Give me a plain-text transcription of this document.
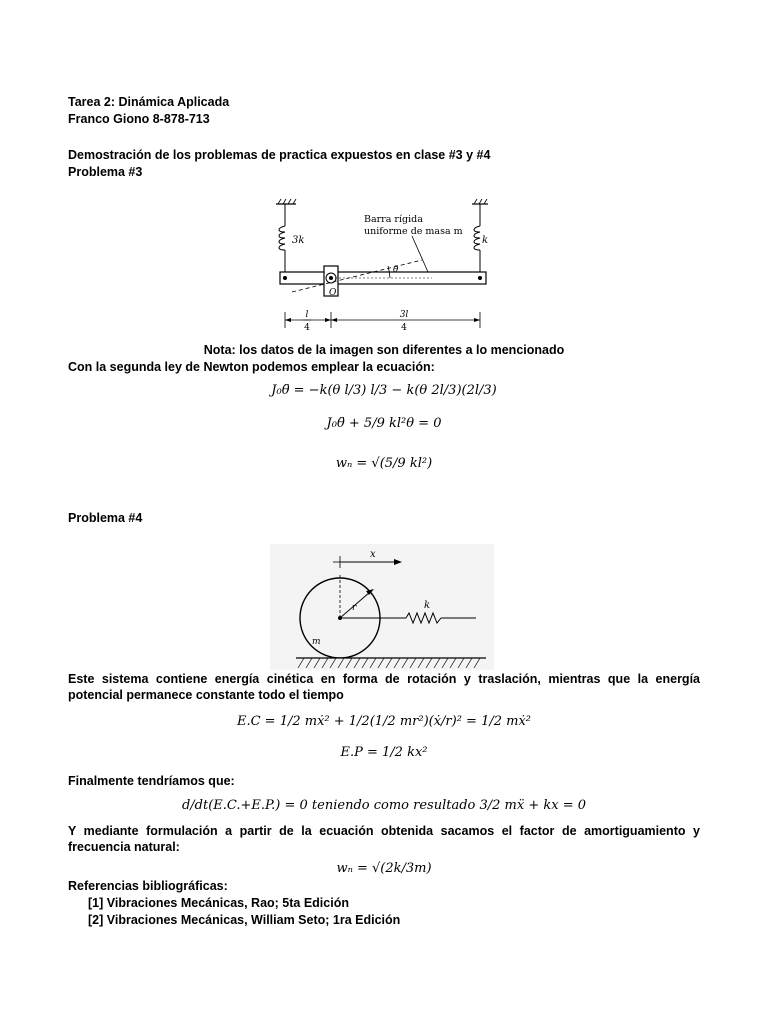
Tarea 2: Dinámica Aplicada
Franco Giono 8-878-713
Demostración de los problemas de practica expuestos en clase #3 y #4
Problema #3
Barra rígida
uniforme de masa m
3k	k
O
θ
l
4
3l
4
Nota: los datos de la imagen son diferentes a lo mencionado
Con la segunda ley de Newton podemos emplear la ecuación:
J₀θ̈ = −k(θ l/3) l/3 − k(θ 2l/3)(2l/3)
J₀θ̈ + 5/9 kl²θ = 0
wₙ = √(5/9 kl²)
Problema #4
x
r
m
k
Este sistema contiene energía cinética en forma de rotación y traslación, mientras que la energía potencial permanece constante todo el tiempo
E.C = 1/2 mẋ² + 1/2(1/2 mr²)(ẋ/r)² = 1/2 mẋ²
E.P = 1/2 kx²
Finalmente tendríamos que:
d/dt(E.C.+E.P.) = 0 teniendo como resultado 3/2 mẍ + kx = 0
Y mediante formulación a partir de la ecuación obtenida sacamos el factor de amortiguamiento y frecuencia natural:
wₙ = √(2k/3m)
Referencias bibliográficas:
[1] Vibraciones Mecánicas, Rao; 5ta Edición
[2] Vibraciones Mecánicas, William Seto; 1ra Edición
